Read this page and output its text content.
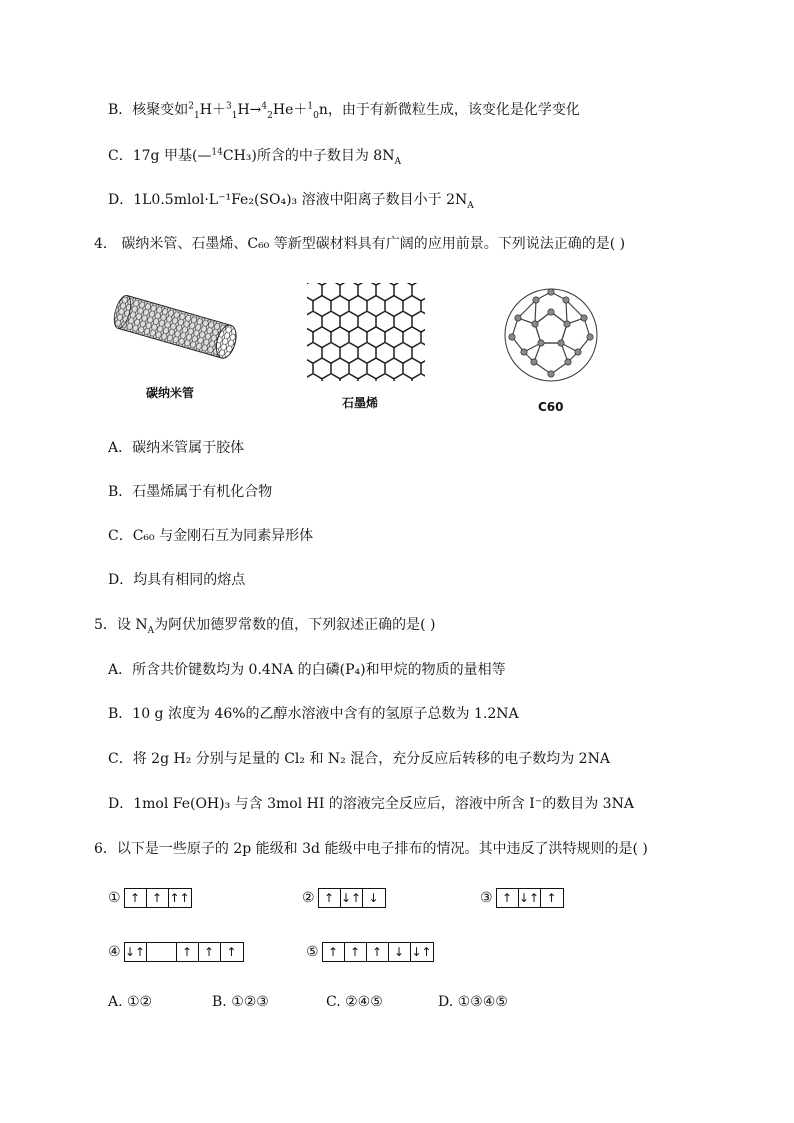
B．核聚变如$^2_1$H＋$^3_1$H→$^4_2$He＋$^1_0$n，由于有新微粒生成，该变化是化学变化
C．17g 甲基(—$^{14}$CH₃)所含的中子数目为 $8N_A$
D．1L0.5mlol·L⁻¹Fe₂(SO₄)₃ 溶液中阳离子数目小于 $2N_A$
4． 碳纳米管、石墨烯、C₆₀ 等新型碳材料具有广阔的应用前景。下列说法正确的是( )
碳纳米管
石墨烯	C60
A．碳纳米管属于胶体
B．石墨烯属于有机化合物
C．C₆₀ 与金刚石互为同素异形体
D．均具有相同的熔点
5．设 $N_A$为阿伏加德罗常数的值，下列叙述正确的是( )
A．所含共价键数均为 0.4NA 的白磷(P₄)和甲烷的物质的量相等
B．10 g 浓度为 46%的乙醇水溶液中含有的氢原子总数为 1.2NA
C．将 2g H₂ 分别与足量的 Cl₂ 和 N₂ 混合，充分反应后转移的电子数均为 2NA
D．1mol Fe(OH)₃ 与含 3mol HI 的溶液完全反应后，溶液中所含 I⁻的数目为 3NA
6．以下是一些原子的 2p 能级和 3d 能级中电子排布的情况。其中违反了洪特规则的是( )
① ↑ ↑ ↑↑	② ↑ ↓↑ ↓	③ ↑ ↓↑ ↑
④ ↓↑	↑ ↑	↑	⑤ ↑ ↑ ↑ ↓ ↓↑
A. ①②	B. ①②③	C. ②④⑤	D. ①③④⑤
